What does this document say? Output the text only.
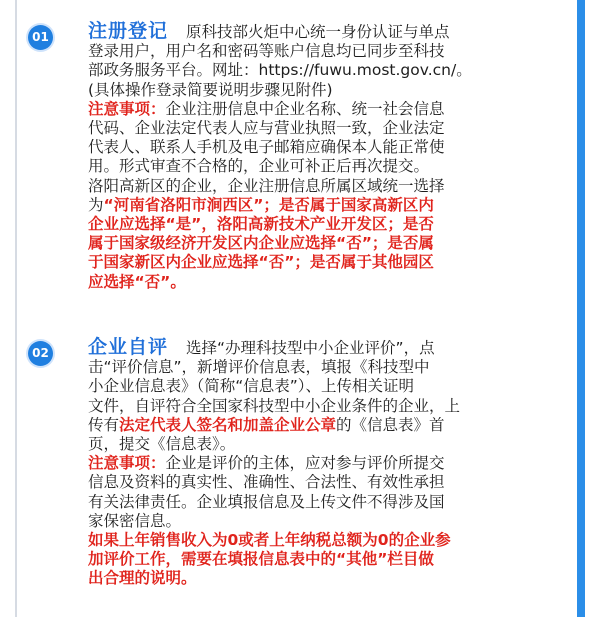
01	注册登记 原科技部火炬中心统一身份认证与单点
登录用户，用户名和密码等账户信息均已同步至科技
部政务服务平台。网址：https://fuwu.most.gov.cn/。
(具体操作登录简要说明步骤见附件)
注意事项：企业注册信息中企业名称、统一社会信息
代码、企业法定代表人应与营业执照一致，企业法定
代表人、联系人手机及电子邮箱应确保本人能正常使
用。形式审查不合格的，企业可补正后再次提交。
洛阳高新区的企业，企业注册信息所属区域统一选择
为“河南省洛阳市涧西区”；是否属于国家高新区内
企业应选择“是”，洛阳高新技术产业开发区；是否
属于国家级经济开发区内企业应选择“否”；是否属
于国家新区内企业应选择“否”；是否属于其他园区
应选择“否”。
02	企业自评 选择“办理科技型中小企业评价”，点
击“评价信息”，新增评价信息表，填报《科技型中
小企业信息表》（简称“信息表”）、上传相关证明
文件，自评符合全国家科技型中小企业条件的企业，上
传有法定代表人签名和加盖企业公章的《信息表》首
页，提交《信息表》。
注意事项：企业是评价的主体，应对参与评价所提交
信息及资料的真实性、准确性、合法性、有效性承担
有关法律责任。企业填报信息及上传文件不得涉及国
家保密信息。
如果上年销售收入为0或者上年纳税总额为0的企业参
加评价工作，需要在填报信息表中的“其他”栏目做
出合理的说明。
